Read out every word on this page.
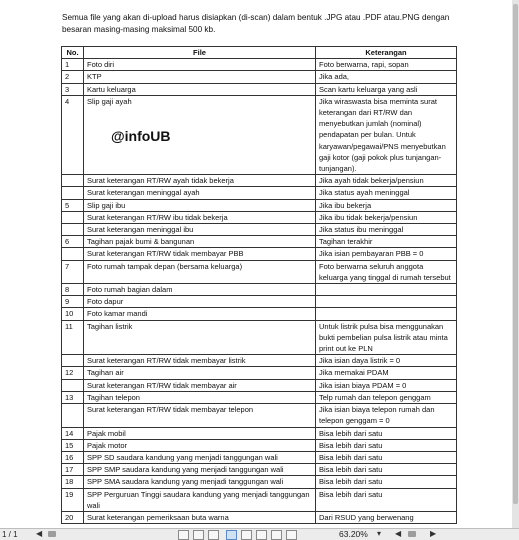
Semua file yang akan di-upload harus disiapkan (di-scan) dalam bentuk .JPG atau .PDF atau.PNG dengan besaran masing-masing maksimal 500 kb.
No.	File	Keterangan
1	Foto diri	Foto berwarna, rapi, sopan
2	KTP	Jika ada,
3	Kartu keluarga	Scan kartu keluarga yang asli
4	Slip gaji ayah	Jika wiraswasta bisa meminta surat keterangan dari RT/RW dan menyebutkan jumlah (nominal) pendapatan per bulan. Untuk karyawan/pegawai/PNS menyebutkan gaji kotor (gaji pokok plus tunjangan-tunjangan).
	Surat keterangan RT/RW ayah tidak bekerja	Jika ayah tidak bekerja/pensiun
	Surat keterangan meninggal ayah	Jika status ayah meninggal
5	Slip gaji ibu	Jika ibu bekerja
	Surat keterangan RT/RW ibu tidak bekerja	Jika ibu tidak bekerja/pensiun
	Surat keterangan meninggal ibu	Jika status ibu meninggal
6	Tagihan pajak bumi & bangunan	Tagihan terakhir
	Surat keterangan RT/RW tidak membayar PBB	Jika isian pembayaran PBB = 0
7	Foto rumah tampak depan (bersama keluarga)	Foto berwarna seluruh anggota keluarga yang tinggal di rumah tersebut
8	Foto rumah bagian dalam	
9	Foto dapur	
10	Foto kamar mandi	
11	Tagihan listrik	Untuk listrik pulsa bisa menggunakan bukti pembelian pulsa listrik atau minta print out ke PLN
	Surat keterangan RT/RW tidak membayar listrik	Jika isian daya listrik = 0
12	Tagihan air	Jika memakai PDAM
	Surat keterangan RT/RW tidak membayar air	Jika isian biaya PDAM = 0
13	Tagihan telepon	Telp rumah dan telepon genggam
	Surat keterangan RT/RW tidak membayar telepon	Jika isian biaya telepon rumah dan telepon genggam = 0
14	Pajak mobil	Bisa lebih dari satu
15	Pajak motor	Bisa lebih dari satu
16	SPP SD saudara kandung yang menjadi tanggungan wali	Bisa lebih dari satu
17	SPP SMP saudara kandung yang menjadi tanggungan wali	Bisa lebih dari satu
18	SPP SMA saudara kandung yang menjadi tanggungan wali	Bisa lebih dari satu
19	SPP Perguruan Tinggi saudara kandung yang menjadi tanggungan wali	Bisa lebih dari satu
20	Surat keterangan pemeriksaan buta warna	Dari RSUD yang berwenang
@infoUB
1 / 1 ◀	63.20% ▾ ◀	▶
